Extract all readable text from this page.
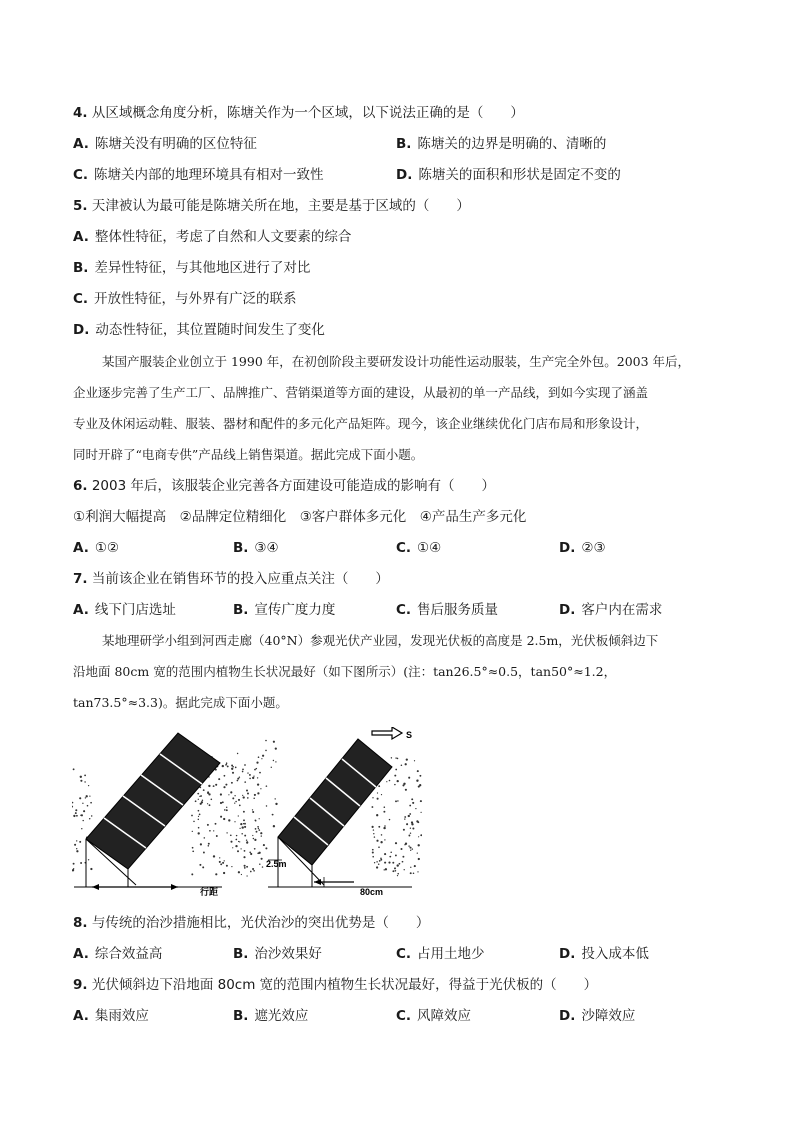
4. 从区域概念角度分析，陈塘关作为一个区域，以下说法正确的是（　　）
A. 陈塘关没有明确的区位特征	B. 陈塘关的边界是明确的、清晰的
C. 陈塘关内部的地理环境具有相对一致性	D. 陈塘关的面积和形状是固定不变的
5. 天津被认为最可能是陈塘关所在地，主要是基于区域的（　　）
A. 整体性特征，考虑了自然和人文要素的综合
B. 差异性特征，与其他地区进行了对比
C. 开放性特征，与外界有广泛的联系
D. 动态性特征，其位置随时间发生了变化
某国产服装企业创立于 1990 年，在初创阶段主要研发设计功能性运动服装，生产完全外包。2003 年后，
企业逐步完善了生产工厂、品牌推广、营销渠道等方面的建设，从最初的单一产品线，到如今实现了涵盖
专业及休闲运动鞋、服装、器材和配件的多元化产品矩阵。现今，该企业继续优化门店布局和形象设计，
同时开辟了“电商专供”产品线上销售渠道。据此完成下面小题。
6. 2003 年后，该服装企业完善各方面建设可能造成的影响有（　　）
①利润大幅提高　②品牌定位精细化　③客户群体多元化　④产品生产多元化
A. ①②	B. ③④	C. ①④	D. ②③
7. 当前该企业在销售环节的投入应重点关注（　　）
A. 线下门店选址	B. 宣传广度力度	C. 售后服务质量	D. 客户内在需求
某地理研学小组到河西走廊（40°N）参观光伏产业园，发现光伏板的高度是 2.5m，光伏板倾斜边下
沿地面 80cm 宽的范围内植物生长状况最好（如下图所示）(注：tan26.5°≈0.5，tan50°≈1.2，
tan73.5°≈3.3)。据此完成下面小题。
S
2.5m
行距	80cm
8. 与传统的治沙措施相比，光伏治沙的突出优势是（　　）
A. 综合效益高	B. 治沙效果好	C. 占用土地少	D. 投入成本低
9. 光伏倾斜边下沿地面 80cm 宽的范围内植物生长状况最好，得益于光伏板的（　　）
A. 集雨效应	B. 遮光效应	C. 风障效应	D. 沙障效应
